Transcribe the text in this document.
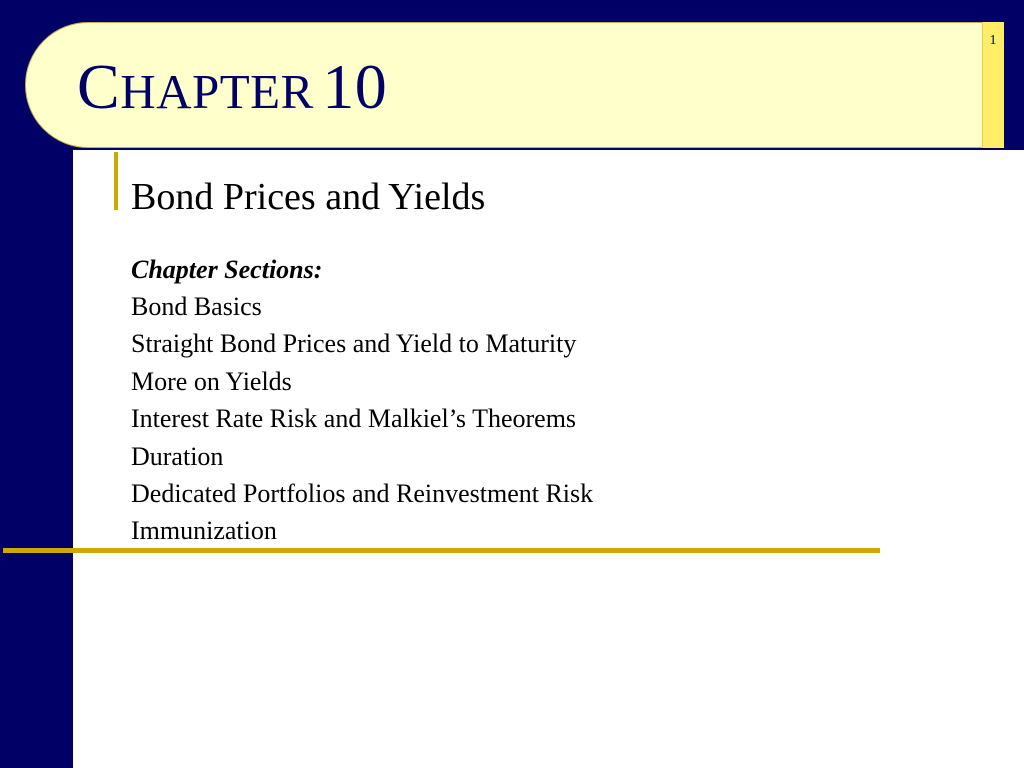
1
CHAPTER 10
Bond Prices and Yields
Chapter Sections:
Bond Basics
Straight Bond Prices and Yield to Maturity
More on Yields
Interest Rate Risk and Malkiel’s Theorems
Duration
Dedicated Portfolios and Reinvestment Risk
Immunization
